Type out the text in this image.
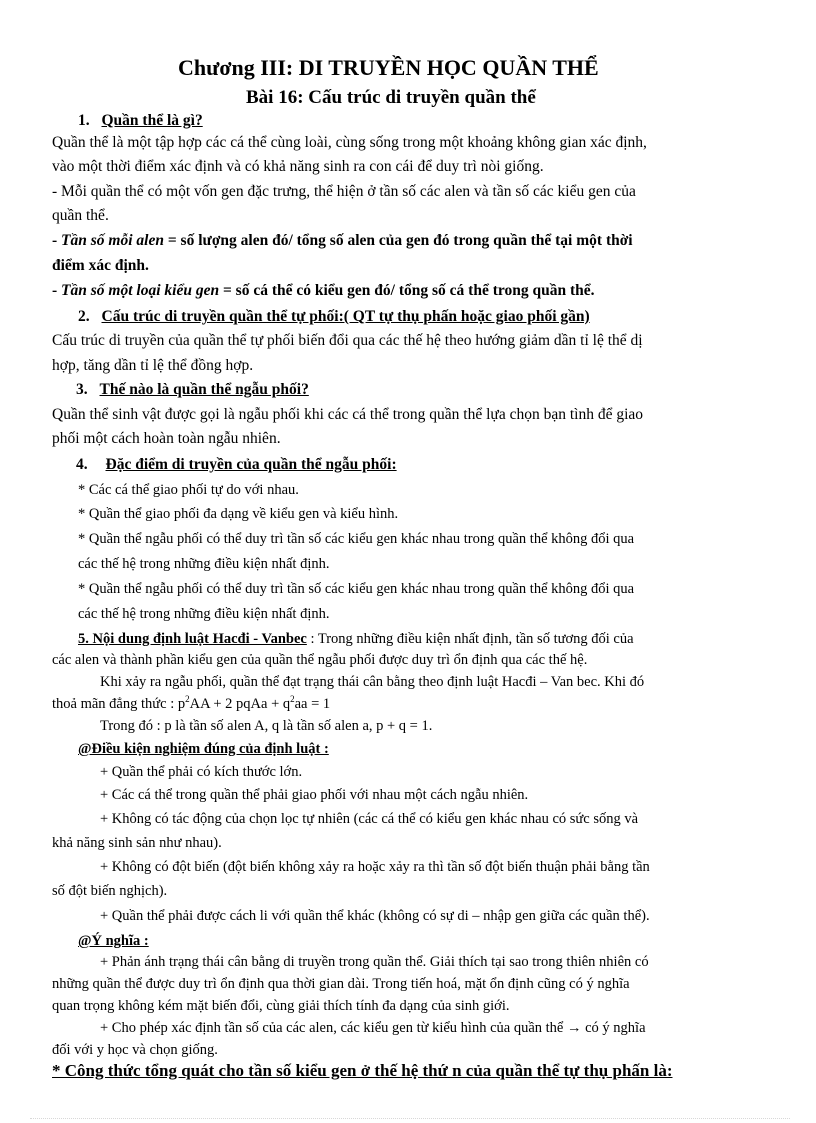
Chương III: DI TRUYỀN HỌC QUẦN THỂ
Bài 16: Cấu trúc di truyền quần thể
1. Quần thể là gì?
Quần thể là một tập hợp các cá thể cùng loài, cùng sống trong một khoảng không gian xác định,
vào một thời điểm xác định và có khả năng sinh ra con cái để duy trì nòi giống.
- Mỗi quần thể có một vốn gen đặc trưng, thể hiện ở tần số các alen và tần số các kiểu gen của
quần thể.
- Tần số mỗi alen = số lượng alen đó/ tổng số alen của gen đó trong quần thể tại một thời
điểm xác định.
- Tần số một loại kiểu gen = số cá thể có kiểu gen đó/ tổng số cá thể trong quần thể.
2. Cấu trúc di truyền quần thể tự phối:( QT tự thụ phấn hoặc giao phối gần)
Cấu trúc di truyền của quần thể tự phối biến đổi qua các thế hệ theo hướng giảm dần tỉ lệ thể dị
hợp, tăng dần tỉ lệ thể đồng hợp.
3. Thế nào là quần thể ngẫu phối?
Quần thể sinh vật được gọi là ngẫu phối khi các cá thể trong quần thể lựa chọn bạn tình để giao
phối một cách hoàn toàn ngẫu nhiên.
4. Đặc điểm di truyền của quần thể ngẫu phối:
* Các cá thể giao phối tự do với nhau.
* Quần thể giao phối đa dạng về kiểu gen và kiểu hình.
* Quần thể ngẫu phối có thể duy trì tần số các kiểu gen khác nhau trong quần thể không đổi qua
các thế hệ trong những điều kiện nhất định.
* Quần thể ngẫu phối có thể duy trì tần số các kiểu gen khác nhau trong quần thể không đổi qua
các thế hệ trong những điều kiện nhất định.
5. Nội dung định luật Hacđi - Vanbec : Trong những điều kiện nhất định, tần số tương đối của
các alen và thành phần kiểu gen của quần thể ngẫu phối được duy trì ổn định qua các thế hệ.
Khi xảy ra ngẫu phối, quần thể đạt trạng thái cân bằng theo định luật Hacđi – Van bec. Khi đó
thoả mãn đẳng thức : $p^2AA + 2$ pqAa + $q^2aa = 1$
Trong đó : p là tần số alen A, q là tần số alen a, p + q = 1.
@Điều kiện nghiệm đúng của định luật :
+ Quần thể phải có kích thước lớn.
+ Các cá thể trong quần thể phải giao phối với nhau một cách ngẫu nhiên.
+ Không có tác động của chọn lọc tự nhiên (các cá thể có kiểu gen khác nhau có sức sống và
khả năng sinh sản như nhau).
+ Không có đột biến (đột biến không xảy ra hoặc xảy ra thì tần số đột biến thuận phải bằng tần
số đột biến nghịch).
+ Quần thể phải được cách li với quần thể khác (không có sự di – nhập gen giữa các quần thể).
@Ý nghĩa :
+ Phản ánh trạng thái cân bằng di truyền trong quần thể. Giải thích tại sao trong thiên nhiên có
những quần thể được duy trì ổn định qua thời gian dài. Trong tiến hoá, mặt ổn định cũng có ý nghĩa
quan trọng không kém mặt biến đổi, cùng giải thích tính đa dạng của sinh giới.
+ Cho phép xác định tần số của các alen, các kiểu gen từ kiểu hình của quần thể → có ý nghĩa
đối với y học và chọn giống.
* Công thức tổng quát cho tần số kiểu gen ở thế hệ thứ n của quần thể tự thụ phấn là:
